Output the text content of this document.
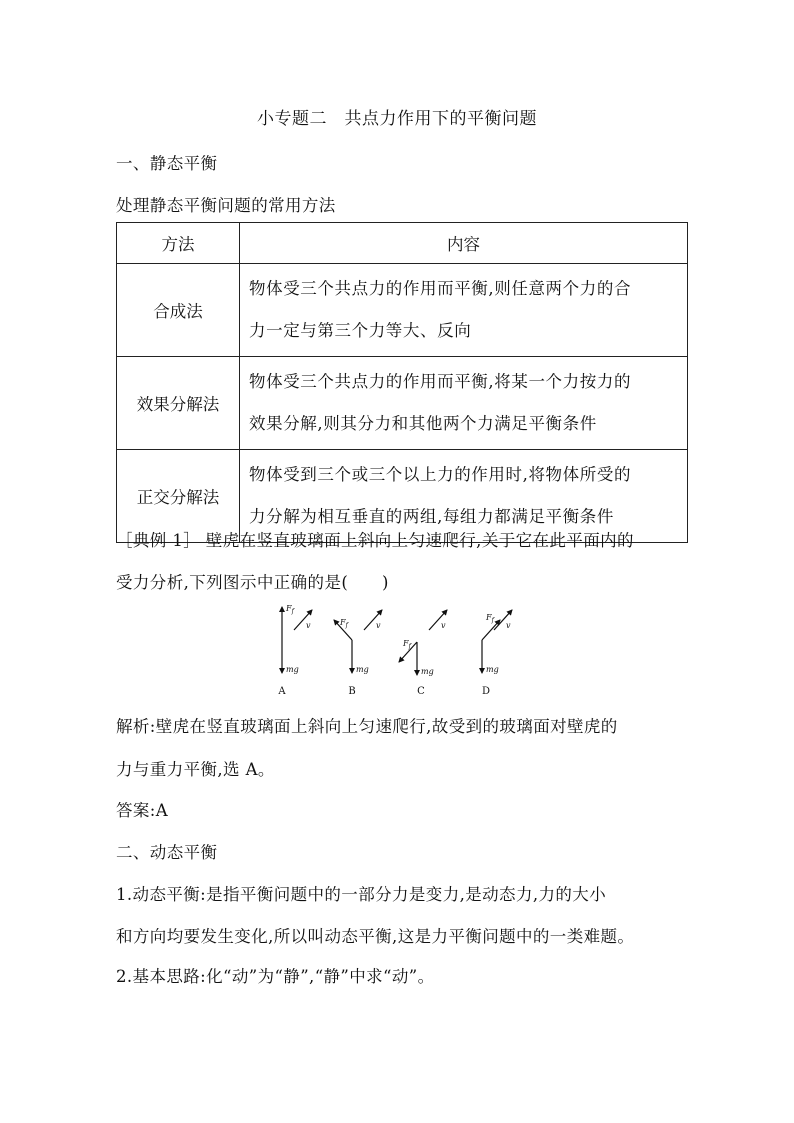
小专题二　共点力作用下的平衡问题
一、静态平衡
处理静态平衡问题的常用方法
方法	内容
合成法	物体受三个共点力的作用而平衡,则任意两个力的合
力一定与第三个力等大、反向

效果分解法	物体受三个共点力的作用而平衡,将某一个力按力的
效果分解,则其分力和其他两个力满足平衡条件

正交分解法	物体受到三个或三个以上力的作用时,将物体所受的
力分解为相互垂直的两组,每组力都满足平衡条件
［典例 1］ 壁虎在竖直玻璃面上斜向上匀速爬行,关于它在此平面内的
受力分析,下列图示中正确的是(　　)
$F_f$
v
mg
$F_f$	v
mg
$F_f$
v
mg
$F_f$
v
mg
A	B	C	D
解析:壁虎在竖直玻璃面上斜向上匀速爬行,故受到的玻璃面对壁虎的
力与重力平衡,选 A。
答案:A
二、动态平衡
1.动态平衡:是指平衡问题中的一部分力是变力,是动态力,力的大小
和方向均要发生变化,所以叫动态平衡,这是力平衡问题中的一类难题。
2.基本思路:化“动”为“静”,“静”中求“动”。
